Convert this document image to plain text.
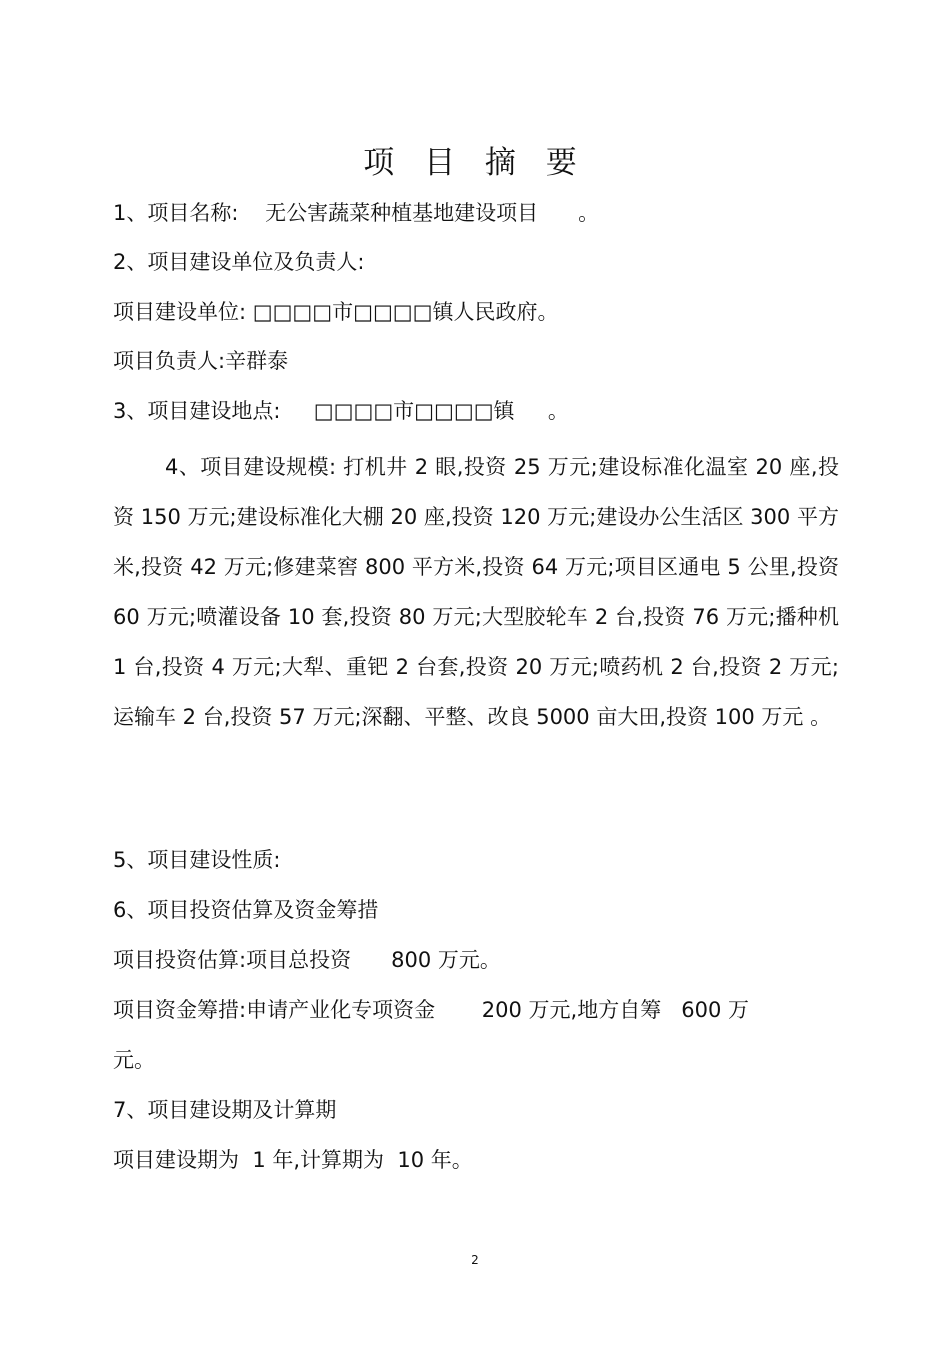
项 目 摘 要

1、项目名称:    无公害蔬菜种植基地建设项目      。

2、项目建设单位及负责人:

项目建设单位: □□□□市□□□□镇人民政府。

项目负责人:辛群泰

3、项目建设地点:     □□□□市□□□□镇     。

4、项目建设规模: 打机井 2 眼,投资 25 万元;建设标准化温室 20 座,投资 150 万元;建设标准化大棚 20 座,投资 120 万元;建设办公生活区 300 平方米,投资 42 万元;修建菜窖 800 平方米,投资 64 万元;项目区通电 5 公里,投资 60 万元;喷灌设备 10 套,投资 80 万元;大型胶轮车 2 台,投资 76 万元;播种机 1 台,投资 4 万元;大犁、重钯 2 台套,投资 20 万元;喷药机 2 台,投资 2 万元;运输车 2 台,投资 57 万元;深翻、平整、改良 5000 亩大田,投资 100 万元 。

5、项目建设性质:

6、项目投资估算及资金筹措

项目投资估算:项目总投资      800 万元。

项目资金筹措:申请产业化专项资金       200 万元,地方自筹   600 万

元。

7、项目建设期及计算期

项目建设期为  1 年,计算期为  10 年。

2
